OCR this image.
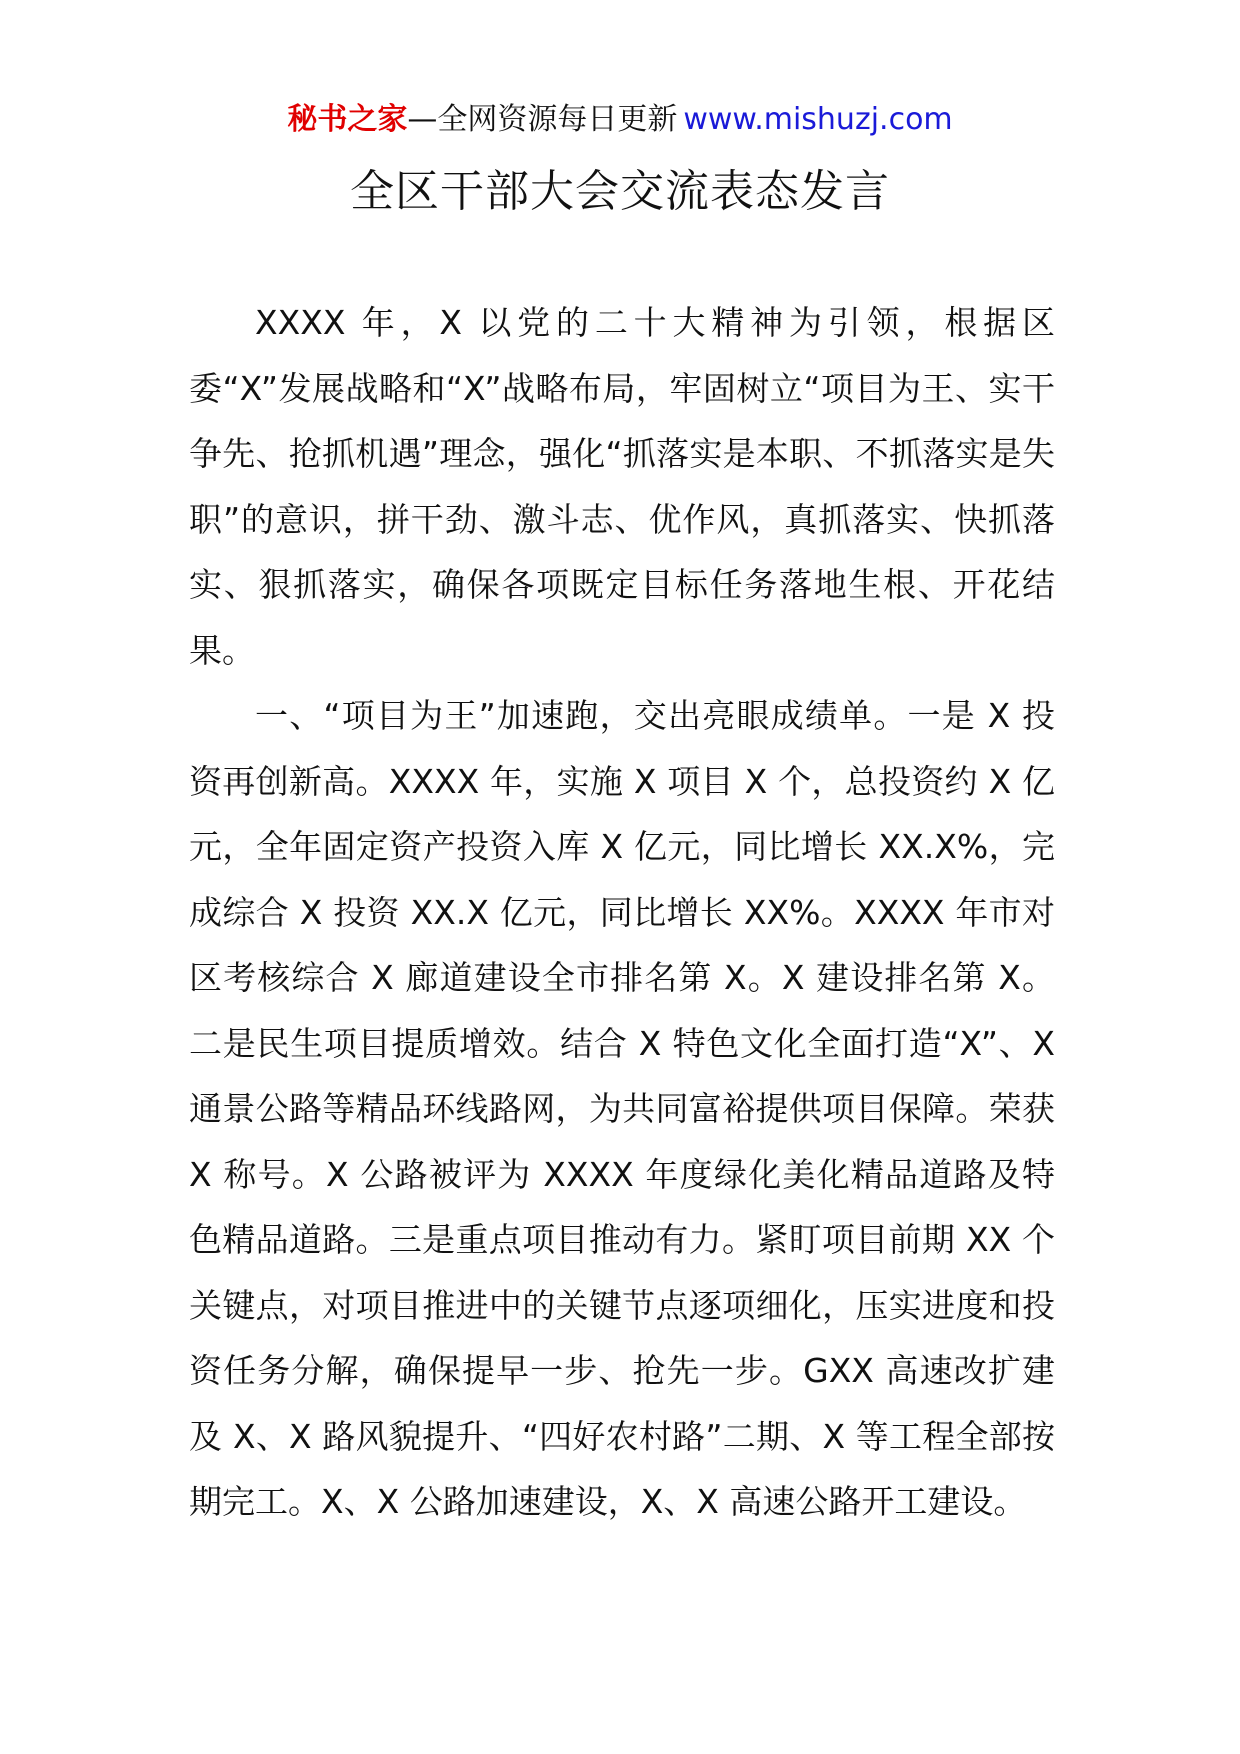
秘书之家—全网资源每日更新 www.mishuzj.com
全区干部大会交流表态发言

XXXX 年，X 以党的二十大精神为引领，根据区委“X”发展战略和“X”战略布局，牢固树立“项目为王、实干争先、抢抓机遇”理念，强化“抓落实是本职、不抓落实是失职”的意识，拼干劲、激斗志、优作风，真抓落实、快抓落实、狠抓落实，确保各项既定目标任务落地生根、开花结果。

一、“项目为王”加速跑，交出亮眼成绩单。一是 X 投资再创新高。XXXX 年，实施 X 项目 X 个，总投资约 X 亿元，全年固定资产投资入库 X 亿元，同比增长 XX.X%，完成综合 X 投资 XX.X 亿元，同比增长 XX%。XXXX 年市对区考核综合 X 廊道建设全市排名第 X。X 建设排名第 X。二是民生项目提质增效。结合 X 特色文化全面打造“X”、X 通景公路等精品环线路网，为共同富裕提供项目保障。荣获 X 称号。X 公路被评为 XXXX 年度绿化美化精品道路及特色精品道路。三是重点项目推动有力。紧盯项目前期 XX 个关键点，对项目推进中的关键节点逐项细化，压实进度和投资任务分解，确保提早一步、抢先一步。GXX 高速改扩建及 X、X 路风貌提升、“四好农村路”二期、X 等工程全部按期完工。X、X 公路加速建设，X、X 高速公路开工建设。
